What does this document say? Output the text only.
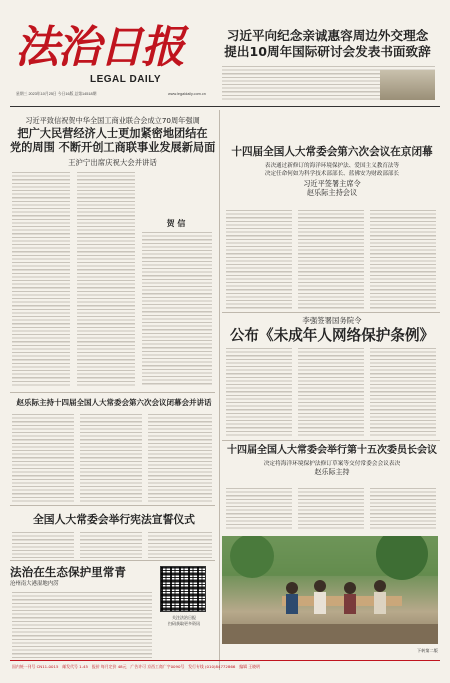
法治日报
LEGAL DAILY
星期三 2023年10月25日 今日16版 总第14518期	www.legaldaily.com.cn
习近平向纪念亲诚惠容周边外交理念
提出10周年国际研讨会发表书面致辞
习近平致信祝贺中华全国工商业联合会成立70周年强调
把广大民营经济人士更加紧密地团结在
党的周围 不断开创工商联事业发展新局面
王沪宁出席庆祝大会并讲话
贺 信
十四届全国人大常委会第六次会议在京闭幕
表决通过新修订的海洋环境保护法、爱国主义教育法等
决定任命何如为科学技术部部长、蓝佛安为财政部部长
习近平签署主席令
赵乐际主持会议
李强签署国务院令
公布《未成年人网络保护条例》
赵乐际主持十四届全国人大常委会第六次会议闭幕会并讲话
十四届全国人大常委会举行第十五次委员长会议
决定将海洋环境保护法修订草案等交付常委会会议表决
赵乐际主持
全国人大常委会举行宪法宣誓仪式
法治在生态保护里常青
沧州南大港湿地内涝
关注法治日报
扫码获取更多资讯
下转第二版
国内统一刊号 CN11-0015　邮发代号 1-45　报价 每月定价 48元　广告许可 京西工商广字0090号　发行专线 (010)84772866　编辑 王晓明
